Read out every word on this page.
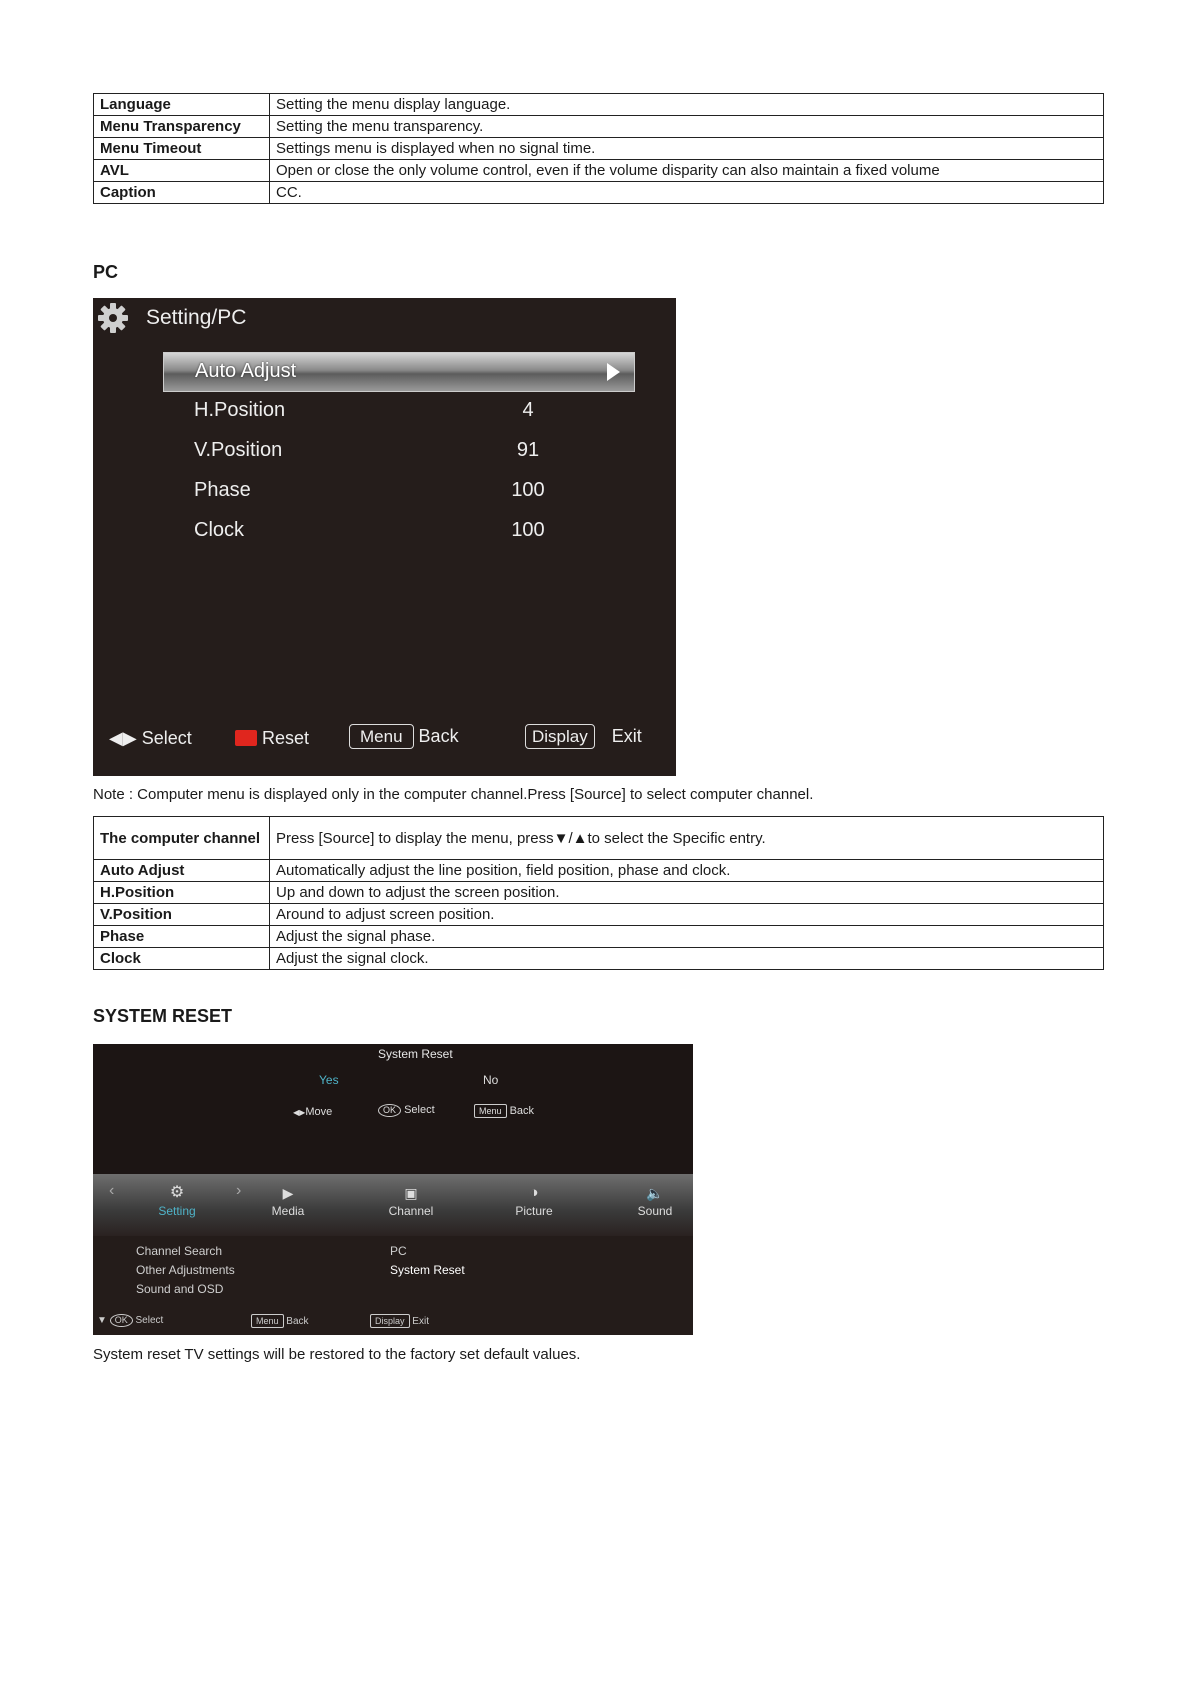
Language	Setting the menu display language.
Menu Transparency	Setting the menu transparency.
Menu Timeout	Settings menu is displayed when no signal time.
AVL	Open or close the only volume control, even if the volume disparity can also maintain a fixed volume
Caption	CC.
PC
Setting/PC
Auto Adjust
H.Position	4
V.Position	91
Phase	100
Clock	100
◀▶ Select	Reset	Menu Back	Display Exit
Note : Computer menu is displayed only in the computer channel.Press [Source] to select computer channel.
The computer channel	Press [Source] to display the menu, press▼/▲to select the Specific entry.
Auto Adjust	Automatically adjust the line position, field position, phase and clock.
H.Position	Up and down to adjust the screen position.
V.Position	Around to adjust screen position.
Phase	Adjust the signal phase.
Clock	Adjust the signal clock.
SYSTEM RESET
System Reset
Yes	No
◀▶Move	OK Select	Menu Back
‹	›
⚙
Setting
▶
Media
▣
Channel
◑
Picture
🔈
Sound
Channel Search
Other Adjustments
Sound and OSD
PC
System Reset
▼ OK Select	Menu Back	Display Exit
System reset TV settings will be restored to the factory set default values.
